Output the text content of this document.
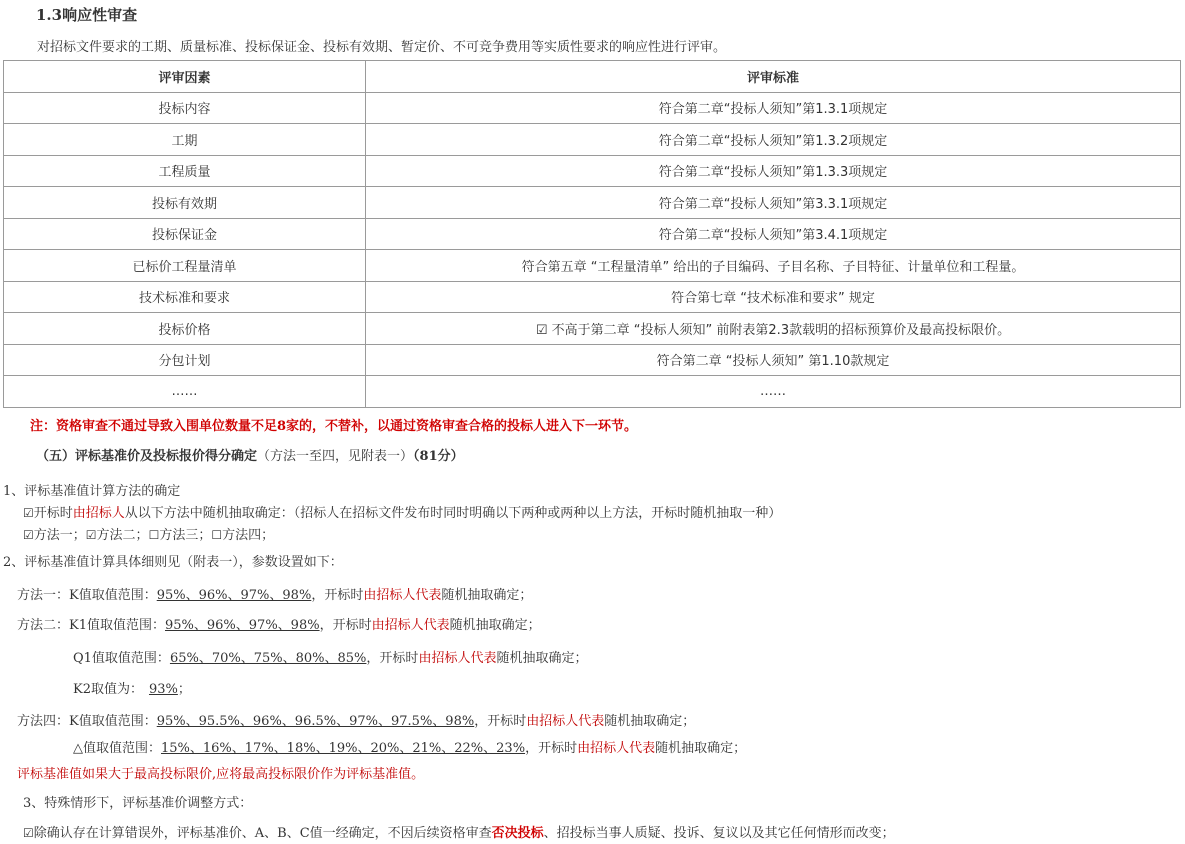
1.3响应性审查
对招标文件要求的工期、质量标准、投标保证金、投标有效期、暂定价、不可竞争费用等实质性要求的响应性进行评审。
评审因素	评审标准
投标内容	符合第二章“投标人须知”第1.3.1项规定
工期	符合第二章“投标人须知”第1.3.2项规定
工程质量	符合第二章“投标人须知”第1.3.3项规定
投标有效期	符合第二章“投标人须知”第3.3.1项规定
投标保证金	符合第二章“投标人须知”第3.4.1项规定
已标价工程量清单	符合第五章 “工程量清单” 给出的子目编码、子目名称、子目特征、计量单位和工程量。
技术标准和要求	符合第七章 “技术标准和要求” 规定
投标价格	☑ 不高于第二章 “投标人须知” 前附表第2.3款载明的招标预算价及最高投标限价。
分包计划	符合第二章 “投标人须知” 第1.10款规定
……	……
注：资格审查不通过导致入围单位数量不足8家的，不替补，以通过资格审查合格的投标人进入下一环节。
（五）评标基准价及投标报价得分确定（方法一至四，见附表一）（81分）
1、评标基准值计算方法的确定
☑开标时由招标人从以下方法中随机抽取确定：（招标人在招标文件发布时同时明确以下两种或两种以上方法，开标时随机抽取一种）
☑方法一；☑方法二；☐方法三；☐方法四；
2、评标基准值计算具体细则见（附表一），参数设置如下：
方法一：K值取值范围：95%、96%、97%、98%，开标时由招标人代表随机抽取确定；
方法二：K1值取值范围：95%、96%、97%、98%，开标时由招标人代表随机抽取确定；
Q1值取值范围：65%、70%、75%、80%、85%，开标时由招标人代表随机抽取确定；
K2取值为： 93%；
方法四：K值取值范围：95%、95.5%、96%、96.5%、97%、97.5%、98%，开标时由招标人代表随机抽取确定；
△值取值范围：15%、16%、17%、18%、19%、20%、21%、22%、23%，开标时由招标人代表随机抽取确定；
评标基准值如果大于最高投标限价,应将最高投标限价作为评标基准值。
3、特殊情形下，评标基准价调整方式：
☑除确认存在计算错误外，评标基准价、A、B、C值一经确定，不因后续资格审查否决投标、招投标当事人质疑、投诉、复议以及其它任何情形而改变；
